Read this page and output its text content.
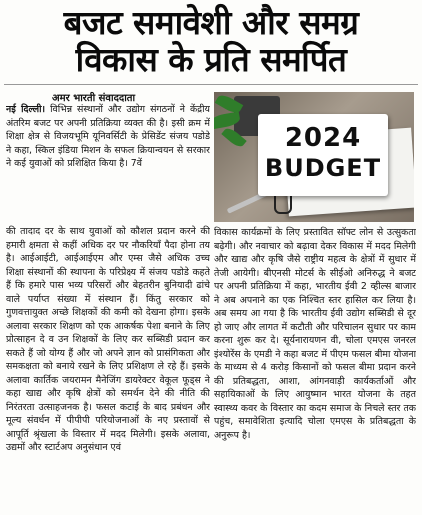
बजट समावेशी और समग्र
विकास के प्रति समर्पित
अमर भारती संवाददाता

नई दिल्ली। विभिन्न संस्थानों और उद्योग संगठनों ने केंद्रीय अंतरिम बजट पर अपनी प्रतिक्रिया व्यक्त की है। इसी क्रम में शिक्षा क्षेत्र से विजयभूमि यूनिवर्सिटी के प्रेसिडेंट संजय पडोडे ने कहा, स्किल इंडिया मिशन के सफल क्रियान्वयन से सरकार ने कई युवाओं को प्रशिक्षित किया है। 7वें

की तादाद दर के साथ युवाओं को कौशल प्रदान करने की हमारी क्षमता से कहीं अधिक दर पर नौकरियाँ पैदा होना तय है। आईआईटी, आईआईएम और एम्स जैसे अधिक उच्च शिक्षा संस्थानों की स्थापना के परिप्रेक्ष्य में संजय पडोडे कहते हैं कि हमारे पास भव्य परिसरों और बेहतरीन बुनियादी ढांचे वाले पर्याप्त संख्या में संस्थान हैं। किंतु सरकार को गुणवत्तायुक्त अच्छे शिक्षकों की कमी को देखना होगा। इसके अलावा सरकार शिक्षण को एक आकर्षक पेशा बनाने के लिए प्रोत्साहन दे व उन शिक्षकों के लिए कर सब्सिडी प्रदान कर सकते हैं जो योग्य हैं और जो अपने ज्ञान को प्रासंगिकता और समकक्षता को बनाये रखने के लिए प्रशिक्षण ले रहे हैं। इसके अलावा कार्तिक जयरामन मैनेजिंग डायरेक्टर वेकूल फूड्स ने कहा खाद्य और कृषि क्षेत्रों को समर्थन देने की नीति की निरंतरता उत्साहजनक है। फसल कटाई के बाद प्रबंधन और मूल्य संवर्धन में पीपीपी परियोजनाओं के नए प्रस्तावों से आपूर्ति श्रृंखला के विस्तार में मदद मिलेगी। इसके अलावा, उद्यमों और स्टार्टअप अनुसंधान एवं

विकास कार्यक्रमों के लिए प्रस्तावित सॉफ्ट लोन से उत्सुकता बढ़ेगी। और नवाचार को बढ़ावा देकर विकास में मदद मिलेगी और खाद्य और कृषि जैसे राष्ट्रीय महत्व के क्षेत्रों में सुधार में तेजी आयेगी। बीएनसी मोटर्स के सीईओ अनिरुद्ध ने बजट पर अपनी प्रतिक्रिया में कहा, भारतीय ईवी 2 व्हील्स बाजार ने अब अपनाने का एक निश्चित स्तर हासिल कर लिया है। अब समय आ गया है कि भारतीय ईवी उद्योग सब्सिडी से दूर हो जाए और लागत में कटौती और परिचालन सुधार पर काम करना शुरू कर दे। सूर्यनारायणन वी, चोला एमएस जनरल इंश्योरेंस के एमडी ने कहा बजट में पीएम फसल बीमा योजना के माध्यम से 4 करोड़ किसानों को फसल बीमा प्रदान करने की प्रतिबद्धता, आशा, आंगनवाड़ी कार्यकर्ताओं और सहायिकाओं के लिए आयुष्मान भारत योजना के तहत स्वास्थ्य कवर के विस्तार का कदम समाज के निचले स्तर तक पहुंच, समावेशिता इत्यादि चोला एमएस के प्रतिबद्धता के अनुरूप है।

2024
BUDGET
